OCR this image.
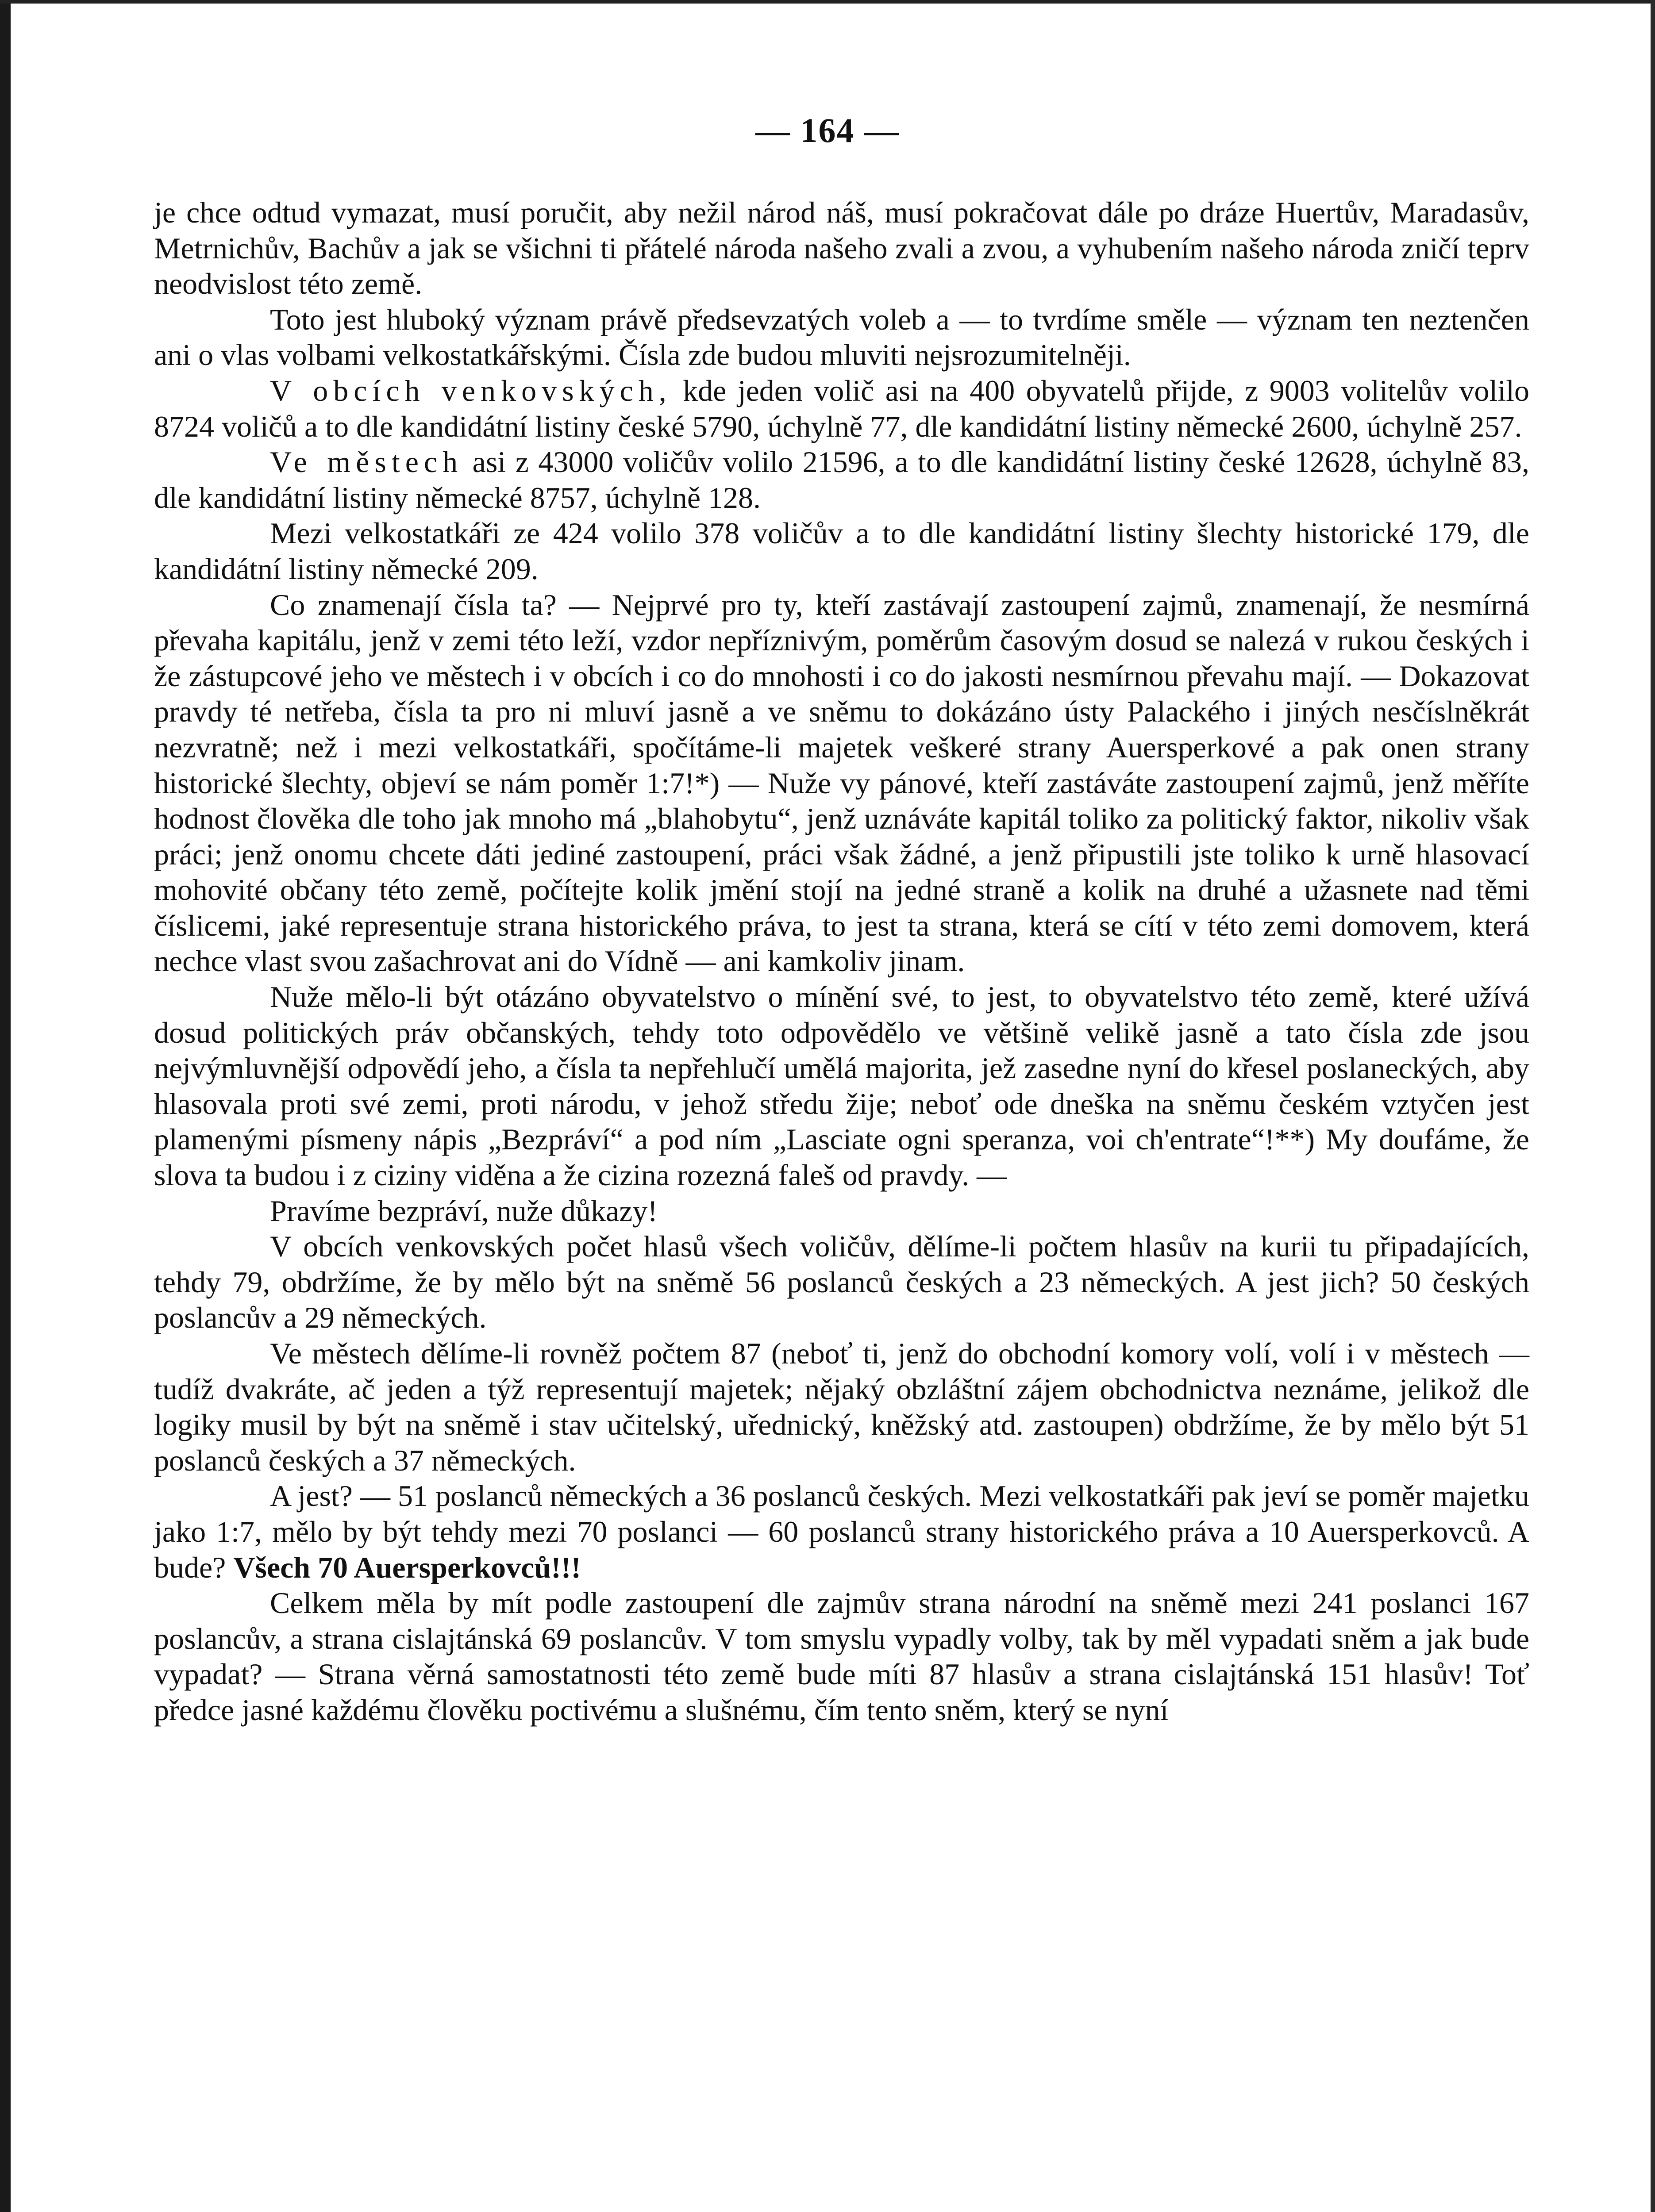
— 164 —

je chce odtud vymazat, musí poručit, aby nežil národ náš, musí pokračovat dále po dráze Huertův, Maradasův, Metrnichův, Bachův a jak se všichni ti přátelé národa našeho zvali a zvou, a vyhubením našeho národa zničí teprv neodvislost této země.

Toto jest hluboký význam právě předsevzatých voleb a — to tvrdíme směle — význam ten neztenčen ani o vlas volbami velkostatkářskými. Čísla zde budou mluviti nejsrozumitelněji.

V obcích venkovských, kde jeden volič asi na 400 obyvatelů přijde, z 9003 volitelův volilo 8724 voličů a to dle kandidátní listiny české 5790, úchylně 77, dle kandidátní listiny německé 2600, úchylně 257.

Ve městech asi z 43000 voličův volilo 21596, a to dle kandidátní listiny české 12628, úchylně 83, dle kandidátní listiny německé 8757, úchylně 128.

Mezi velkostatkáři ze 424 volilo 378 voličův a to dle kandidátní listiny šlechty historické 179, dle kandidátní listiny německé 209.

Co znamenají čísla ta? — Nejprvé pro ty, kteří zastávají zastoupení zajmů, znamenají, že nesmírná převaha kapitálu, jenž v zemi této leží, vzdor nepříznivým, poměrům časovým dosud se nalezá v rukou českých i že zástupcové jeho ve městech i v obcích i co do mnohosti i co do jakosti nesmírnou převahu mají. — Dokazovat pravdy té netřeba, čísla ta pro ni mluví jasně a ve sněmu to dokázáno ústy Palackého i jiných nesčíslněkrát nezvratně; než i mezi velkostatkáři, spočítáme-li majetek veškeré strany Auersperkové a pak onen strany historické šlechty, objeví se nám poměr 1:7!*) — Nuže vy pánové, kteří zastáváte zastoupení zajmů, jenž měříte hodnost člověka dle toho jak mnoho má „blahobytu“, jenž uznáváte kapitál toliko za politický faktor, nikoliv však práci; jenž onomu chcete dáti jediné zastoupení, práci však žádné, a jenž připustili jste toliko k urně hlasovací mohovité občany této země, počítejte kolik jmění stojí na jedné straně a kolik na druhé a užasnete nad těmi číslicemi, jaké representuje strana historického práva, to jest ta strana, která se cítí v této zemi domovem, která nechce vlast svou zašachrovat ani do Vídně — ani kamkoliv jinam.

Nuže mělo-li být otázáno obyvatelstvo o mínění své, to jest, to obyvatelstvo této země, které užívá dosud politických práv občanských, tehdy toto odpovědělo ve většině velikě jasně a tato čísla zde jsou nejvýmluvnější odpovědí jeho, a čísla ta nepřehlučí umělá majorita, jež zasedne nyní do křesel poslaneckých, aby hlasovala proti své zemi, proti národu, v jehož středu žije; neboť ode dneška na sněmu českém vztyčen jest plamenými písmeny nápis „Bezpráví“ a pod ním „Lasciate ogni speranza, voi ch'entrate“!**) My doufáme, že slova ta budou i z ciziny viděna a že cizina rozezná faleš od pravdy. —

Pravíme bezpráví, nuže důkazy!

V obcích venkovských počet hlasů všech voličův, dělíme-li počtem hlasův na kurii tu připadajících, tehdy 79, obdržíme, že by mělo být na sněmě 56 poslanců českých a 23 německých. A jest jich? 50 českých poslancův a 29 německých.

Ve městech dělíme-li rovněž počtem 87 (neboť ti, jenž do obchodní komory volí, volí i v městech — tudíž dvakráte, ač jeden a týž representují majetek; nějaký obzláštní zájem obchodnictva neznáme, jelikož dle logiky musil by být na sněmě i stav učitelský, uřednický, kněžský atd. zastoupen) obdržíme, že by mělo být 51 poslanců českých a 37 německých.

A jest? — 51 poslanců německých a 36 poslanců českých. Mezi velkostatkáři pak jeví se poměr majetku jako 1:7, mělo by být tehdy mezi 70 poslanci — 60 poslanců strany historického práva a 10 Auersperkovců. A bude? Všech 70 Auersperkovců!!!

Celkem měla by mít podle zastoupení dle zajmův strana národní na sněmě mezi 241 poslanci 167 poslancův, a strana cislajtánská 69 poslancův. V tom smyslu vypadly volby, tak by měl vypadati sněm a jak bude vypadat? — Strana věrná samostatnosti této země bude míti 87 hlasův a strana cislajtánská 151 hlasův! Toť předce jasné každému člověku poctivému a slušnému, čím tento sněm, který se nyní
